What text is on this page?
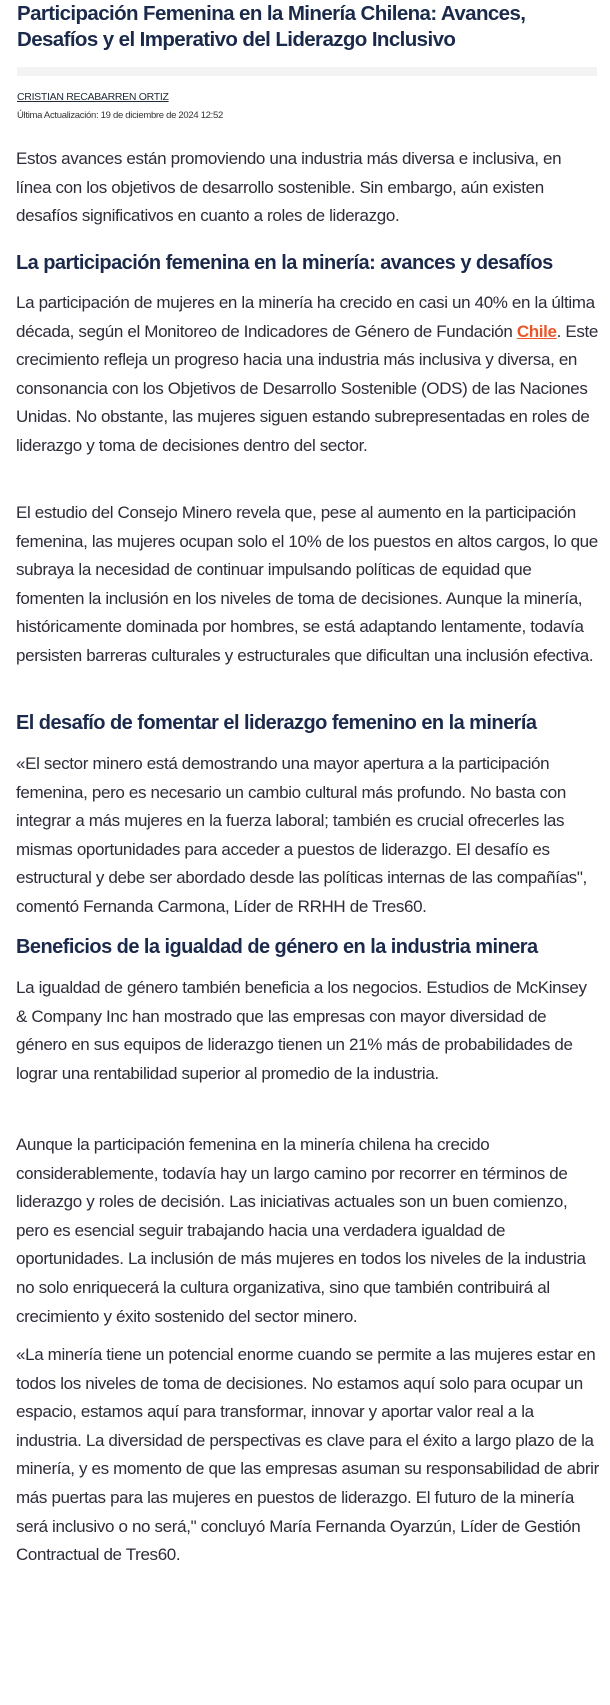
Participación Femenina en la Minería Chilena: Avances, Desafíos y el Imperativo del Liderazgo Inclusivo
CRISTIAN RECABARREN ORTIZ
Última Actualización: 19 de diciembre de 2024 12:52

Estos avances están promoviendo una industria más diversa e inclusiva, en línea con los objetivos de desarrollo sostenible. Sin embargo, aún existen desafíos significativos en cuanto a roles de liderazgo.

La participación femenina en la minería: avances y desafíos

La participación de mujeres en la minería ha crecido en casi un 40% en la última década, según el Monitoreo de Indicadores de Género de Fundación Chile. Este crecimiento refleja un progreso hacia una industria más inclusiva y diversa, en consonancia con los Objetivos de Desarrollo Sostenible (ODS) de las Naciones Unidas. No obstante, las mujeres siguen estando subrepresentadas en roles de liderazgo y toma de decisiones dentro del sector.

El estudio del Consejo Minero revela que, pese al aumento en la participación femenina, las mujeres ocupan solo el 10% de los puestos en altos cargos, lo que subraya la necesidad de continuar impulsando políticas de equidad que fomenten la inclusión en los niveles de toma de decisiones. Aunque la minería, históricamente dominada por hombres, se está adaptando lentamente, todavía persisten barreras culturales y estructurales que dificultan una inclusión efectiva.

El desafío de fomentar el liderazgo femenino en la minería

«El sector minero está demostrando una mayor apertura a la participación femenina, pero es necesario un cambio cultural más profundo. No basta con integrar a más mujeres en la fuerza laboral; también es crucial ofrecerles las mismas oportunidades para acceder a puestos de liderazgo. El desafío es estructural y debe ser abordado desde las políticas internas de las compañías", comentó Fernanda Carmona, Líder de RRHH de Tres60.

Beneficios de la igualdad de género en la industria minera

La igualdad de género también beneficia a los negocios. Estudios de McKinsey & Company Inc han mostrado que las empresas con mayor diversidad de género en sus equipos de liderazgo tienen un 21% más de probabilidades de lograr una rentabilidad superior al promedio de la industria.

Aunque la participación femenina en la minería chilena ha crecido considerablemente, todavía hay un largo camino por recorrer en términos de liderazgo y roles de decisión. Las iniciativas actuales son un buen comienzo, pero es esencial seguir trabajando hacia una verdadera igualdad de oportunidades. La inclusión de más mujeres en todos los niveles de la industria no solo enriquecerá la cultura organizativa, sino que también contribuirá al crecimiento y éxito sostenido del sector minero.

«La minería tiene un potencial enorme cuando se permite a las mujeres estar en todos los niveles de toma de decisiones. No estamos aquí solo para ocupar un espacio, estamos aquí para transformar, innovar y aportar valor real a la industria. La diversidad de perspectivas es clave para el éxito a largo plazo de la minería, y es momento de que las empresas asuman su responsabilidad de abrir más puertas para las mujeres en puestos de liderazgo. El futuro de la minería será inclusivo o no será," concluyó María Fernanda Oyarzún, Líder de Gestión Contractual de Tres60.
